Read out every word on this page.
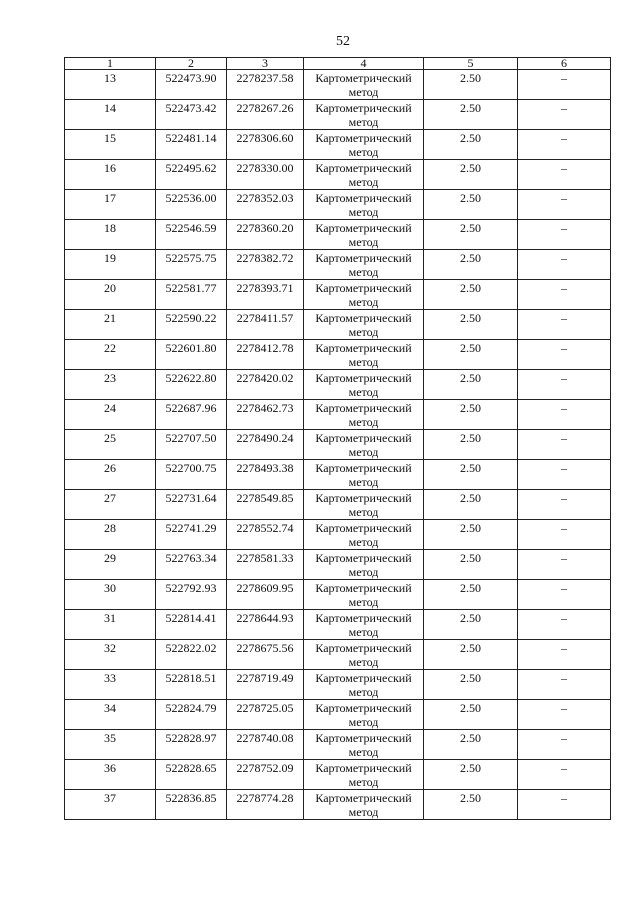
52
1	2	3	4	5	6

13	522473.90	2278237.58	Картометрический метод	2.50	–

14	522473.42	2278267.26	Картометрический метод	2.50	–

15	522481.14	2278306.60	Картометрический метод	2.50	–

16	522495.62	2278330.00	Картометрический метод	2.50	–

17	522536.00	2278352.03	Картометрический метод	2.50	–

18	522546.59	2278360.20	Картометрический метод	2.50	–

19	522575.75	2278382.72	Картометрический метод	2.50	–

20	522581.77	2278393.71	Картометрический метод	2.50	–

21	522590.22	2278411.57	Картометрический метод	2.50	–

22	522601.80	2278412.78	Картометрический метод	2.50	–

23	522622.80	2278420.02	Картометрический метод	2.50	–

24	522687.96	2278462.73	Картометрический метод	2.50	–

25	522707.50	2278490.24	Картометрический метод	2.50	–

26	522700.75	2278493.38	Картометрический метод	2.50	–

27	522731.64	2278549.85	Картометрический метод	2.50	–

28	522741.29	2278552.74	Картометрический метод	2.50	–

29	522763.34	2278581.33	Картометрический метод	2.50	–

30	522792.93	2278609.95	Картометрический метод	2.50	–

31	522814.41	2278644.93	Картометрический метод	2.50	–

32	522822.02	2278675.56	Картометрический метод	2.50	–

33	522818.51	2278719.49	Картометрический метод	2.50	–

34	522824.79	2278725.05	Картометрический метод	2.50	–

35	522828.97	2278740.08	Картометрический метод	2.50	–

36	522828.65	2278752.09	Картометрический метод	2.50	–

37	522836.85	2278774.28	Картометрический метод	2.50	–
